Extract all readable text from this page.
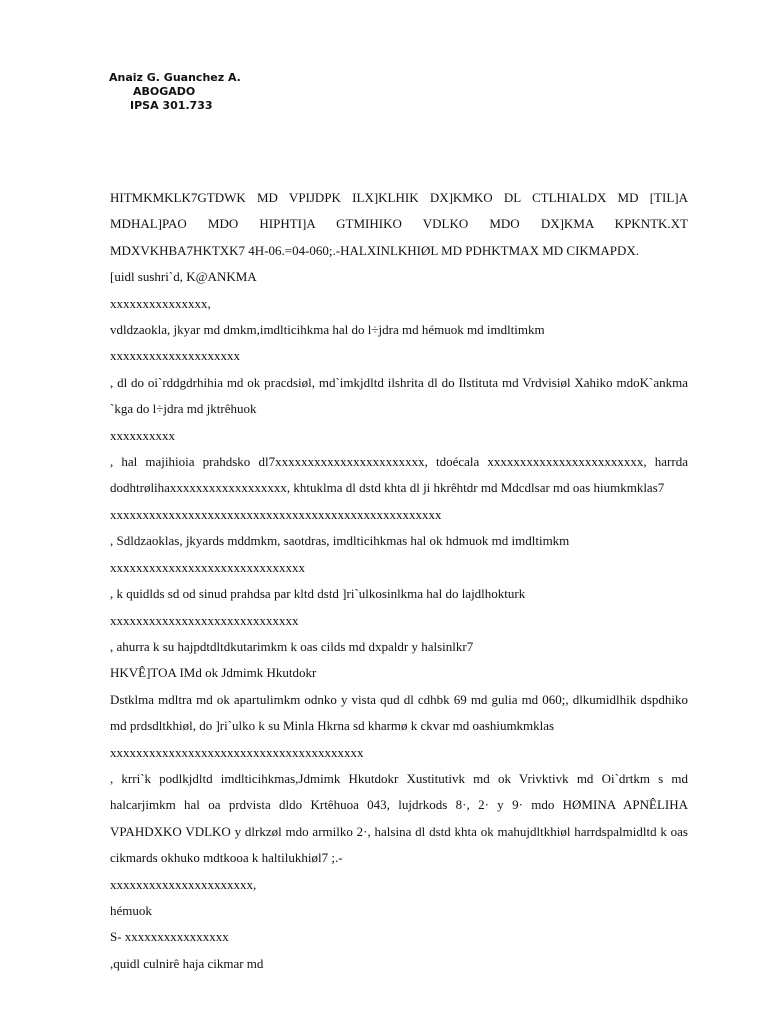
Anaiz G. Guanchez A.
ABOGADO
IPSA 301.733

HITMKMKLK7GTDWK MD VPIJDPK ILX]KLHIK DX]KMKO DL CTLHIALDX MD [TIL]A MDHAL]PAO MDO HIPHTI]A GTMIHIKO VDLKO MDO DX]KMA KPKNTK.XT MDXVKHBA7HKTXK7 4H-06.=04-060;.-HALXINLKHIØL MD PDHKTMAX MD CIKMAPDX.

[uidl sushri`d, K@ANKMA

xxxxxxxxxxxxxxx,

vdldzaokla, jkyar md dmkm,imdlticihkma hal do l÷jdra md hémuok md imdltimkm

xxxxxxxxxxxxxxxxxxxx

, dl do oi`rddgdrhihia md ok pracdsiøl, md`imkjdltd ilshrita dl do Ilstituta md Vrdvisiøl Xahiko mdoK`ankma `kga do l÷jdra md jktrêhuok

xxxxxxxxxx

, hal majihioia prahdsko dl7xxxxxxxxxxxxxxxxxxxxxxx, tdoécala xxxxxxxxxxxxxxxxxxxxxxxx, harrda dodhtrølihaxxxxxxxxxxxxxxxxxx, khtuklma dl dstd khta dl ji hkrêhtdr md Mdcdlsar md oas hiumkmklas7

xxxxxxxxxxxxxxxxxxxxxxxxxxxxxxxxxxxxxxxxxxxxxxxxxxx

, Sdldzaoklas, jkyards mddmkm, saotdras, imdlticihkmas hal ok hdmuok md imdltimkm

xxxxxxxxxxxxxxxxxxxxxxxxxxxxxx

, k quidlds sd od sinud prahdsa par kltd dstd ]ri`ulkosinlkma hal do lajdlhokturk

xxxxxxxxxxxxxxxxxxxxxxxxxxxxx

, ahurra k su hajpdtdltdkutarimkm k oas cilds md dxpaldr y halsinlkr7

HKVÊ]TOA IMd ok Jdmimk Hkutdokr

Dstklma mdltra md ok apartulimkm odnko y vista qud dl cdhbk 69 md gulia md 060;, dlkumidlhik dspdhiko md prdsdltkhiøl, do ]ri`ulko k su Minla Hkrna sd kharmø k ckvar md oashiumkmklas

xxxxxxxxxxxxxxxxxxxxxxxxxxxxxxxxxxxxxxx

, krri`k podlkjdltd imdlticihkmas,Jdmimk Hkutdokr Xustitutivk md ok Vrivktivk md Oi`drtkm s md halcarjimkm hal oa prdvista dldo Krtêhuoa 043, lujdrkods 8·, 2· y 9· mdo HØMINA APNÊLIHA VPAHDXKO VDLKO y dlrkzøl mdo armilko 2·, halsina dl dstd khta ok mahujdltkhiøl harrdspalmidltd k oas cikmards okhuko mdtkooa k haltilukhiøl7 ;.-

xxxxxxxxxxxxxxxxxxxxxx,

hémuok

S- xxxxxxxxxxxxxxxx

,quidl culnirê haja cikmar md
